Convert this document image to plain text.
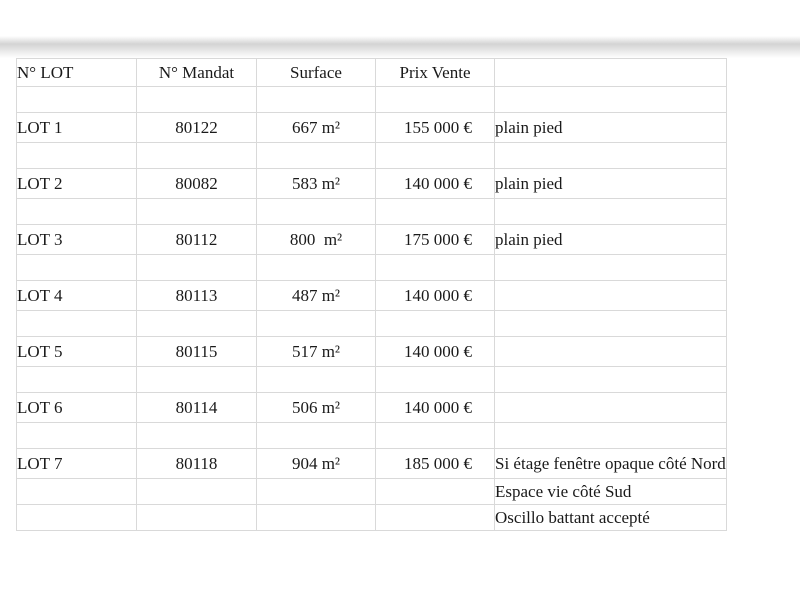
N° LOT	N° Mandat	Surface	Prix Vente	

LOT 1	80122	667 m²	155 000 €	plain pied

LOT 2	80082	583 m²	140 000 €	plain pied

LOT 3	80112	800  m²	175 000 €	plain pied

LOT 4	80113	487 m²	140 000 €	

LOT 5	80115	517 m²	140 000 €	

LOT 6	80114	506 m²	140 000 €	

LOT 7	80118	904 m²	185 000 €	Si étage fenêtre opaque côté Nord
				Espace vie côté Sud
				Oscillo battant accepté
